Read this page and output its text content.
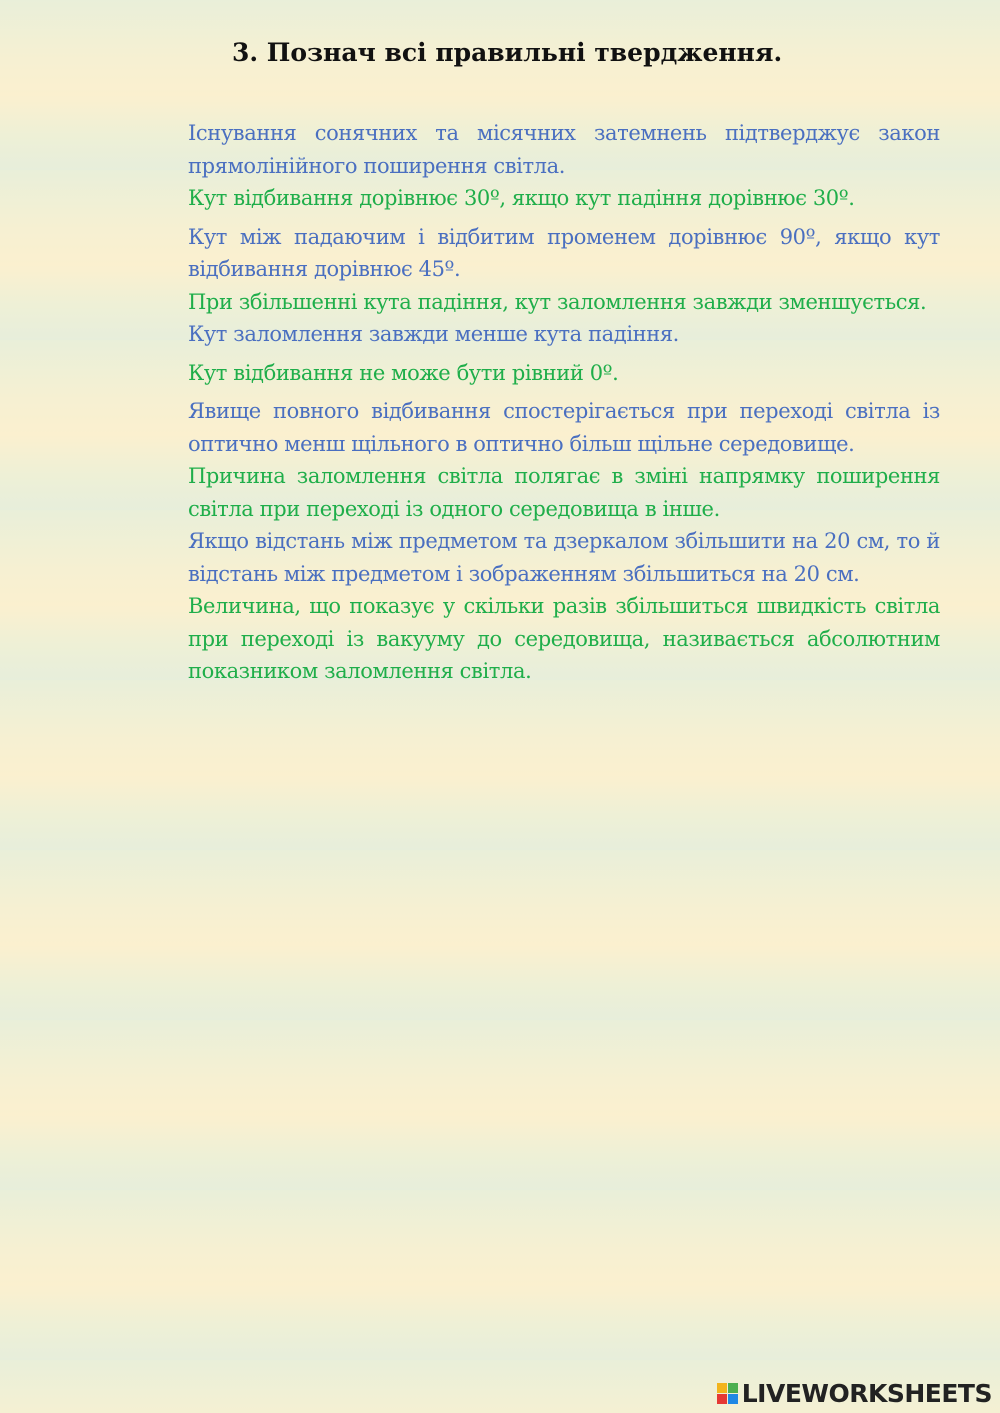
3. Познач всі правильні твердження.

Існування сонячних та місячних затемнень підтверджує закон прямолінійного поширення світла.

Кут відбивання дорівнює 30º, якщо кут падіння дорівнює 30º.

Кут між падаючим і відбитим променем дорівнює 90º, якщо кут відбивання дорівнює 45º.

При збільшенні кута падіння, кут заломлення завжди зменшується.

Кут заломлення завжди менше кута падіння.

Кут відбивання не може бути рівний 0º.

Явище повного відбивання спостерігається при переході світла із оптично менш щільного в оптично більш щільне середовище.

Причина заломлення світла полягає в зміні напрямку поширення світла при переході із одного середовища в інше.

Якщо відстань між предметом та дзеркалом збільшити на 20 см, то й відстань між предметом і зображенням збільшиться на 20 см.

Величина, що показує у скільки разів збільшиться швидкість світла при переході із вакууму до середовища, називається абсолютним показником заломлення світла.

LIVEWORKSHEETS
